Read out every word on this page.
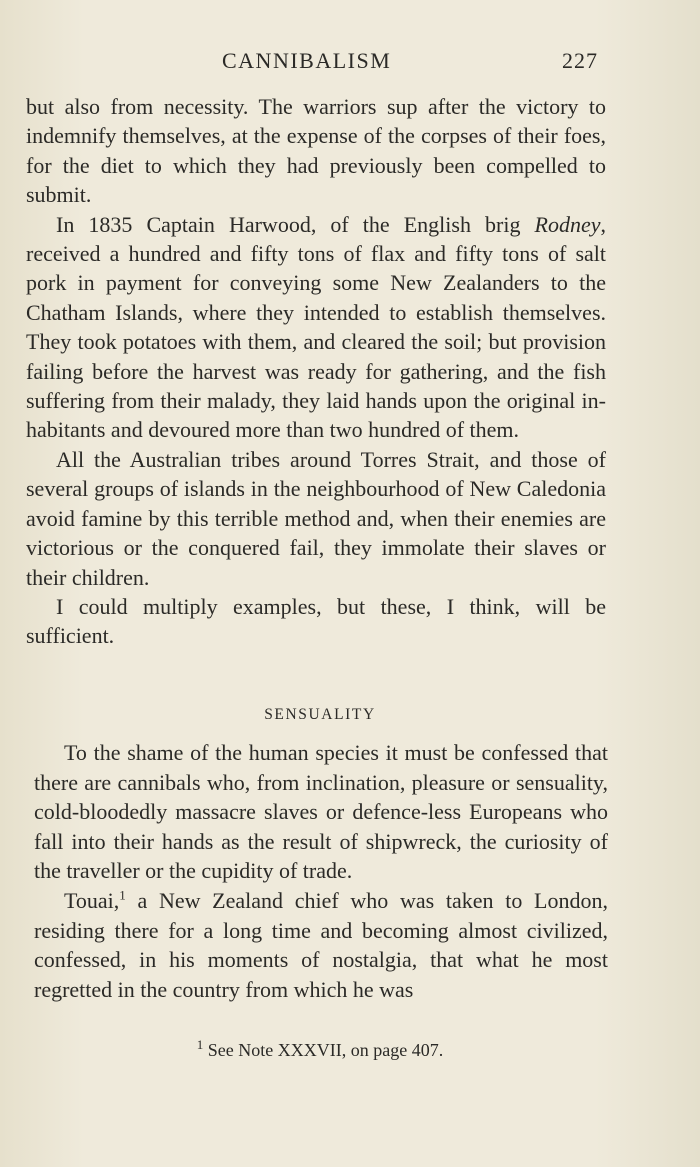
CANNIBALISM	227

but also from necessity. The warriors sup after the victory to indemnify themselves, at the expense of the corpses of their foes, for the diet to which they had previously been compelled to submit.

In 1835 Captain Harwood, of the English brig Rodney, received a hundred and fifty tons of flax and fifty tons of salt pork in payment for conveying some New Zealanders to the Chatham Islands, where they intended to establish themselves. They took potatoes with them, and cleared the soil; but provision failing before the harvest was ready for gathering, and the fish suffering from their malady, they laid hands upon the original in-habitants and devoured more than two hundred of them.

All the Australian tribes around Torres Strait, and those of several groups of islands in the neighbourhood of New Caledonia avoid famine by this terrible method and, when their enemies are victorious or the conquered fail, they immolate their slaves or their children.

I could multiply examples, but these, I think, will be sufficient.

SENSUALITY

To the shame of the human species it must be confessed that there are cannibals who, from inclination, pleasure or sensuality, cold-bloodedly massacre slaves or defence-less Europeans who fall into their hands as the result of shipwreck, the curiosity of the traveller or the cupidity of trade.

Touai,$^1$ a New Zealand chief who was taken to London, residing there for a long time and becoming almost civilized, confessed, in his moments of nostalgia, that what he most regretted in the country from which he was

$^1$ See Note XXXVII, on page 407.
